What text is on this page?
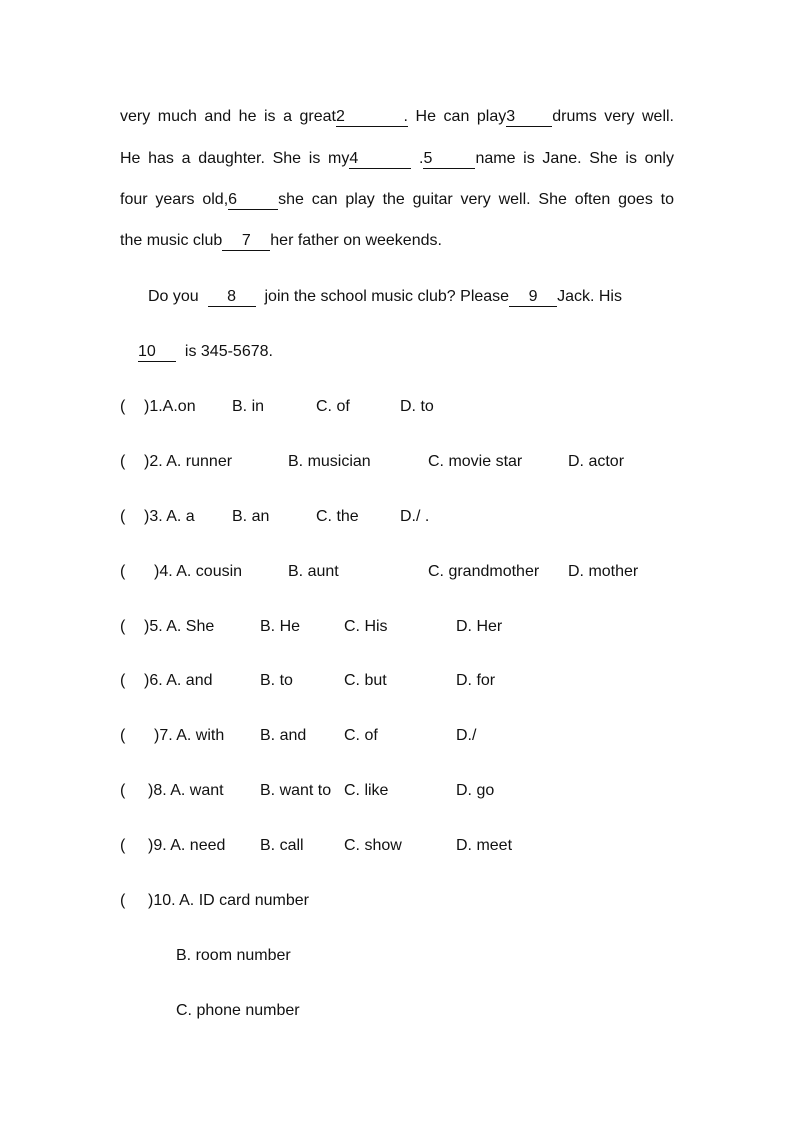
very much and he is a great2	. He can play3 drums very well.
He has a daughter. She is my4	.5	name is Jane. She is only
four years old,6	she can play the guitar very well. She often goes to
the music club 7 her father on weekends.
Do you 8 join the school music club? Please 9 Jack. His
10 is 345-5678.
( )1.A.on B. in	C. of	D. to
( )2. A. runner	B. musician	C. movie star	D. actor
( )3. A. a B. an	C. the	D./ .
( )4. A. cousin	B. aunt	C. grandmother D. mother
( )5. A. She	B. He	C. His	D. Her
( )6. A. and	B. to	C. but	D. for
( )7. A. with B. and C. of	D./
( )8. A. want B. want to C. like	D. go
( )9. A. need B. call	C. show	D. meet
( )10. A. ID card number
B. room number
C. phone number
